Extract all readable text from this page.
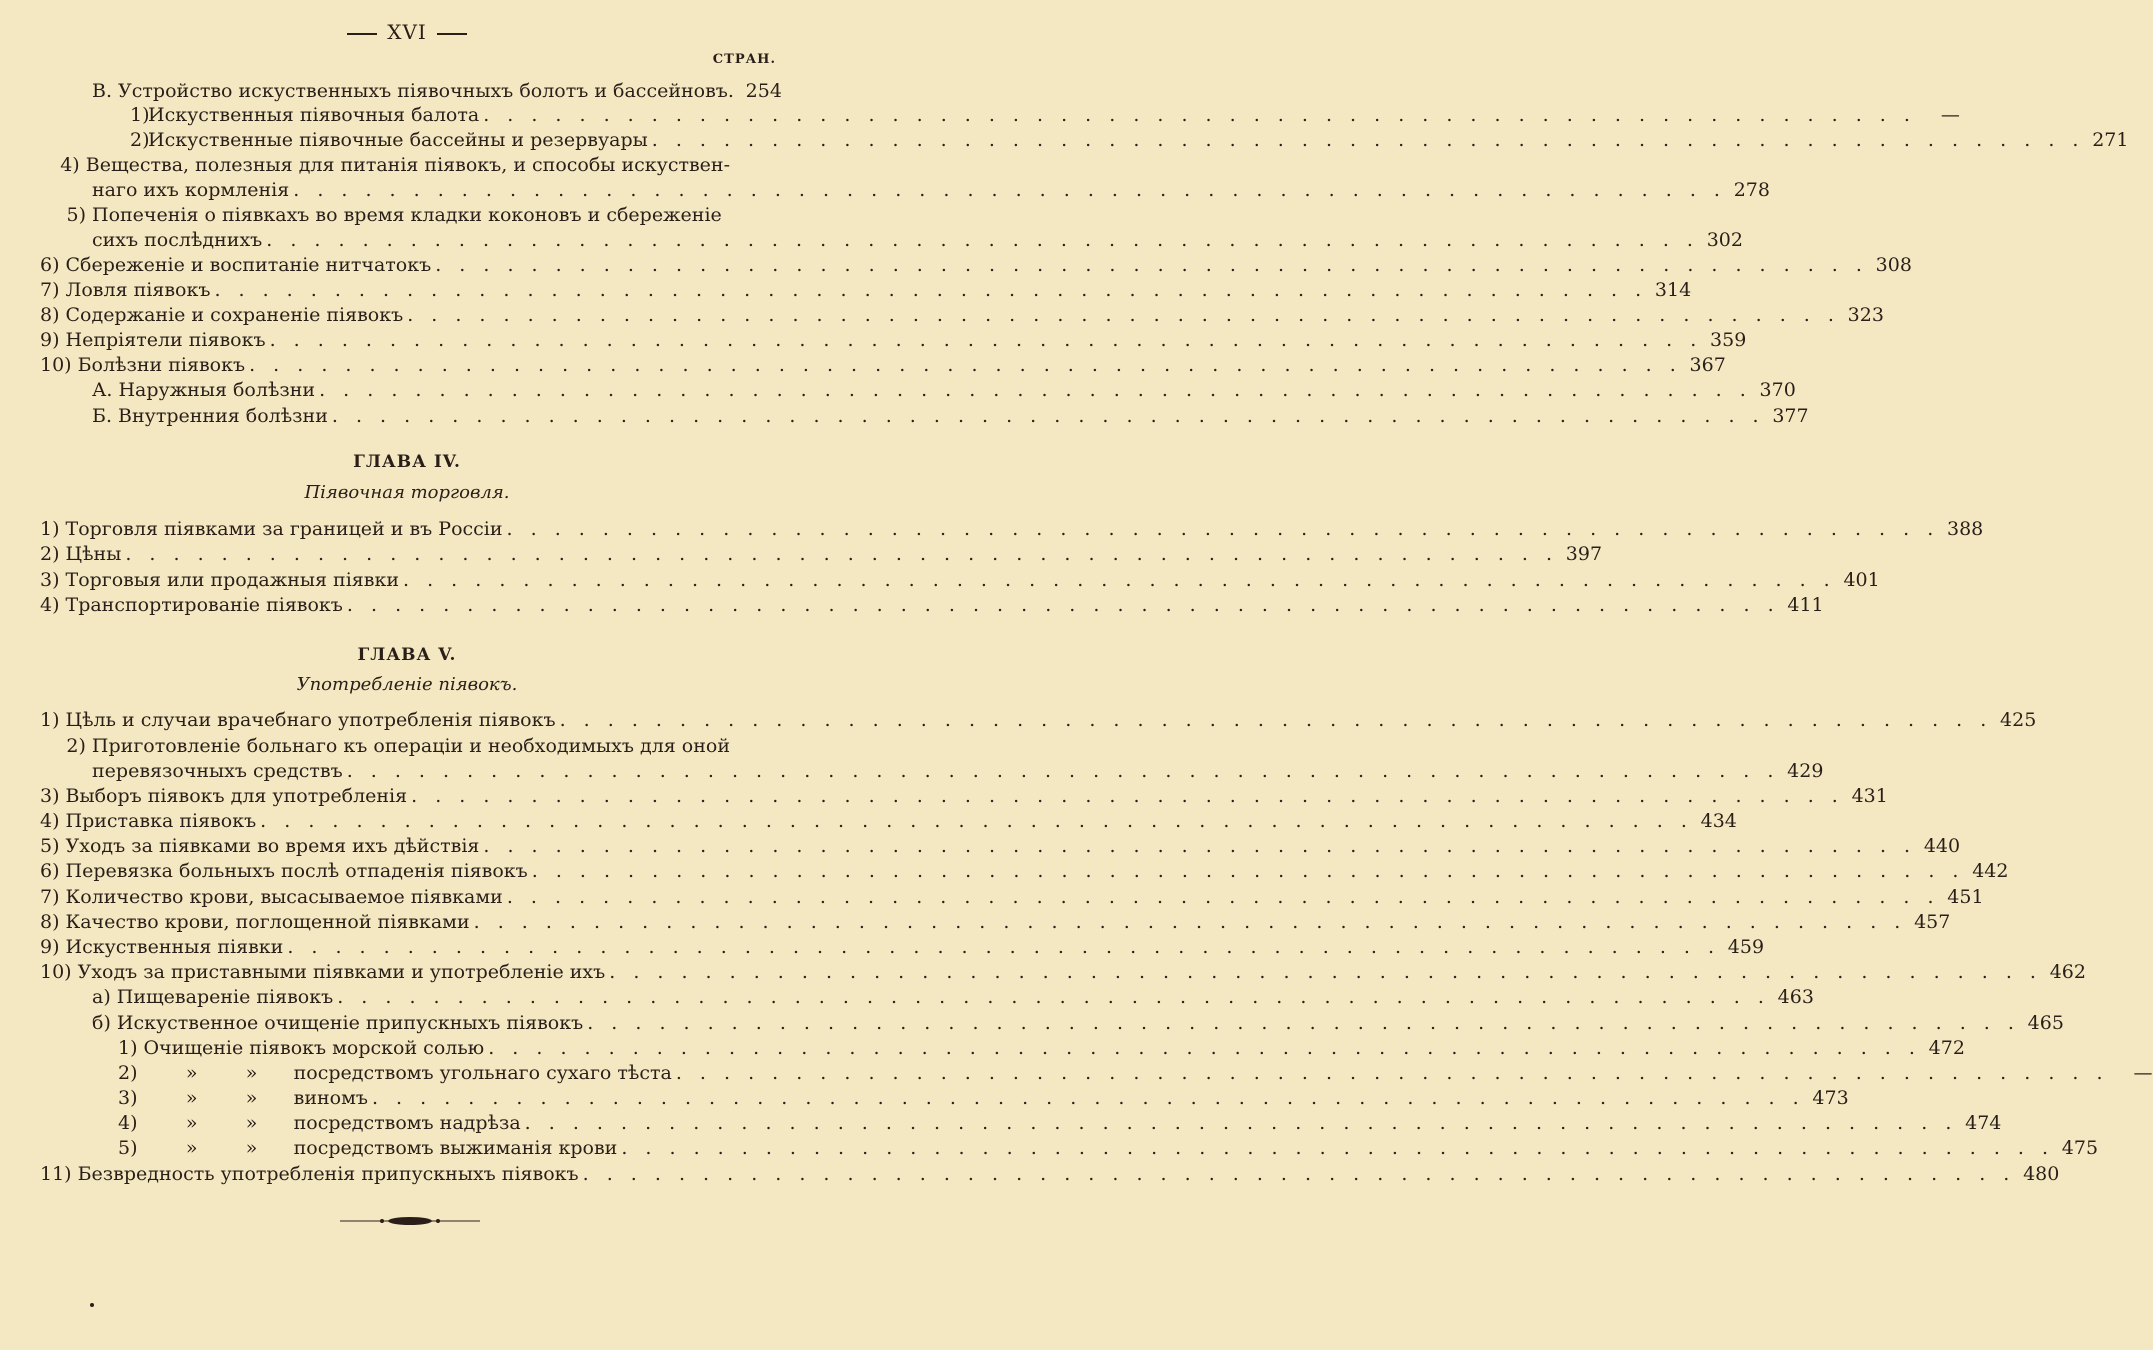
XVI
СТРАН.
В. Устройство искуственныхъ піявочныхъ болотъ и бассейновъ. 254
1)
Искуственныя піявочныя балота . . . . . . . . . . . . . . . . . . . . . . . . . . . . . . . . . . . . . . . . . . . . . . . . . . . . . . . . . . . .	—
2)
Искуственные піявочные бассейны и резервуары . . . . . . . . . . . . . . . . . . . . . . . . . . . . . . . . . . . . . . . . . . . . . . . . . . . . . . . . . . . . 271
4) Вещества, полезныя для питанія піявокъ, и способы искуствен-
наго ихъ кормленія . . . . . . . . . . . . . . . . . . . . . . . . . . . . . . . . . . . . . . . . . . . . . . . . . . . . . . . . . . . . 278
5) Попеченія о піявкахъ во время кладки коконовъ и сбереженіе
сихъ послѣднихъ . . . . . . . . . . . . . . . . . . . . . . . . . . . . . . . . . . . . . . . . . . . . . . . . . . . . . . . . . . . . 302
6) Сбереженіе и воспитаніе нитчатокъ . . . . . . . . . . . . . . . . . . . . . . . . . . . . . . . . . . . . . . . . . . . . . . . . . . . . . . . . . . . . 308
7) Ловля піявокъ . . . . . . . . . . . . . . . . . . . . . . . . . . . . . . . . . . . . . . . . . . . . . . . . . . . . . . . . . . . . 314
8) Содержаніе и сохраненіе піявокъ . . . . . . . . . . . . . . . . . . . . . . . . . . . . . . . . . . . . . . . . . . . . . . . . . . . . . . . . . . . . 323
9) Непріятели піявокъ . . . . . . . . . . . . . . . . . . . . . . . . . . . . . . . . . . . . . . . . . . . . . . . . . . . . . . . . . . . . 359
10) Болѣзни піявокъ . . . . . . . . . . . . . . . . . . . . . . . . . . . . . . . . . . . . . . . . . . . . . . . . . . . . . . . . . . . . 367
А. Наружныя болѣзни . . . . . . . . . . . . . . . . . . . . . . . . . . . . . . . . . . . . . . . . . . . . . . . . . . . . . . . . . . . . 370
Б. Внутренния болѣзни . . . . . . . . . . . . . . . . . . . . . . . . . . . . . . . . . . . . . . . . . . . . . . . . . . . . . . . . . . . . 377
1) Торговля піявками за границей и въ Россіи . . . . . . . . . . . . . . . . . . . . . . . . . . . . . . . . . . . . . . . . . . . . . . . . . . . . . . . . . . . . 388
2) Цѣны . . . . . . . . . . . . . . . . . . . . . . . . . . . . . . . . . . . . . . . . . . . . . . . . . . . . . . . . . . . . 397
3) Торговыя или продажныя піявки . . . . . . . . . . . . . . . . . . . . . . . . . . . . . . . . . . . . . . . . . . . . . . . . . . . . . . . . . . . . 401
4) Транспортированіе піявокъ . . . . . . . . . . . . . . . . . . . . . . . . . . . . . . . . . . . . . . . . . . . . . . . . . . . . . . . . . . . . 411
1) Цѣль и случаи врачебнаго употребленія піявокъ . . . . . . . . . . . . . . . . . . . . . . . . . . . . . . . . . . . . . . . . . . . . . . . . . . . . . . . . . . . . 425
2) Приготовленіе больнаго къ операціи и необходимыхъ для оной
перевязочныхъ средствъ . . . . . . . . . . . . . . . . . . . . . . . . . . . . . . . . . . . . . . . . . . . . . . . . . . . . . . . . . . . . 429
3) Выборъ піявокъ для употребленія . . . . . . . . . . . . . . . . . . . . . . . . . . . . . . . . . . . . . . . . . . . . . . . . . . . . . . . . . . . . 431
4) Приставка піявокъ . . . . . . . . . . . . . . . . . . . . . . . . . . . . . . . . . . . . . . . . . . . . . . . . . . . . . . . . . . . . 434
5) Уходъ за піявками во время ихъ дѣйствія . . . . . . . . . . . . . . . . . . . . . . . . . . . . . . . . . . . . . . . . . . . . . . . . . . . . . . . . . . . . 440
6) Перевязка больныхъ послѣ отпаденія піявокъ . . . . . . . . . . . . . . . . . . . . . . . . . . . . . . . . . . . . . . . . . . . . . . . . . . . . . . . . . . . . 442
7) Количество крови, высасываемое піявками . . . . . . . . . . . . . . . . . . . . . . . . . . . . . . . . . . . . . . . . . . . . . . . . . . . . . . . . . . . . 451
8) Качество крови, поглощенной піявками . . . . . . . . . . . . . . . . . . . . . . . . . . . . . . . . . . . . . . . . . . . . . . . . . . . . . . . . . . . . 457
9) Искуственныя піявки . . . . . . . . . . . . . . . . . . . . . . . . . . . . . . . . . . . . . . . . . . . . . . . . . . . . . . . . . . . . 459
10) Уходъ за приставными піявками и употребленіе ихъ . . . . . . . . . . . . . . . . . . . . . . . . . . . . . . . . . . . . . . . . . . . . . . . . . . . . . . . . . . . . 462
а) Пищевареніе піявокъ . . . . . . . . . . . . . . . . . . . . . . . . . . . . . . . . . . . . . . . . . . . . . . . . . . . . . . . . . . . . 463
б) Искуственное очищеніе припускныхъ піявокъ . . . . . . . . . . . . . . . . . . . . . . . . . . . . . . . . . . . . . . . . . . . . . . . . . . . . . . . . . . . . 465
1) Очищеніе піявокъ морской солью . . . . . . . . . . . . . . . . . . . . . . . . . . . . . . . . . . . . . . . . . . . . . . . . . . . . . . . . . . . . 472
2)        »        »      посредствомъ угольнаго сухаго тѣста . . . . . . . . . . . . . . . . . . . . . . . . . . . . . . . . . . . . . . . . . . . . . . . . . . . . . . . . . . . .	—
3)        »        »      виномъ . . . . . . . . . . . . . . . . . . . . . . . . . . . . . . . . . . . . . . . . . . . . . . . . . . . . . . . . . . . . 473
4)        »        »      посредствомъ надрѣза . . . . . . . . . . . . . . . . . . . . . . . . . . . . . . . . . . . . . . . . . . . . . . . . . . . . . . . . . . . . 474
5)        »        »      посредствомъ выжиманія крови . . . . . . . . . . . . . . . . . . . . . . . . . . . . . . . . . . . . . . . . . . . . . . . . . . . . . . . . . . . . 475
11) Безвредность употребленія припускныхъ піявокъ . . . . . . . . . . . . . . . . . . . . . . . . . . . . . . . . . . . . . . . . . . . . . . . . . . . . . . . . . . . . 480
ГЛАВА IV.
Піявочная торговля.
ГЛАВА V.
Употребленіе піявокъ.
